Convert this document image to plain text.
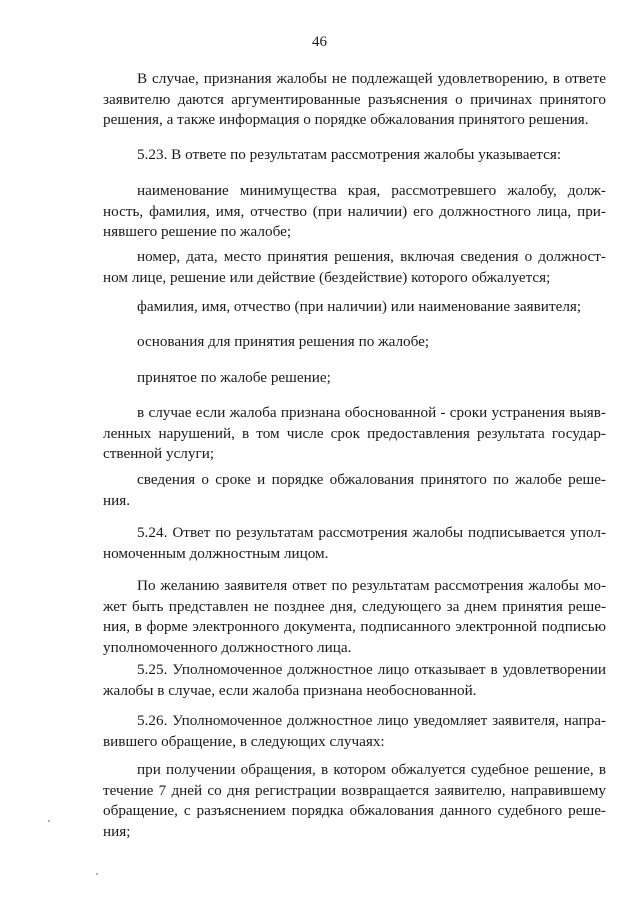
46

В случае, признания жалобы не подлежащей удовлетворению, в ответе заявителю даются аргументированные разъяснения о причинах принятого решения, а также информация о порядке обжалования принятого решения.

5.23. В ответе по результатам рассмотрения жалобы указывается:

наименование минимущества края, рассмотревшего жалобу, долж-ность, фамилия, имя, отчество (при наличии) его должностного лица, при-нявшего решение по жалобе;

номер, дата, место принятия решения, включая сведения о должност-ном лице, решение или действие (бездействие) которого обжалуется;

фамилия, имя, отчество (при наличии) или наименование заявителя;

основания для принятия решения по жалобе;

принятое по жалобе решение;

в случае если жалоба признана обоснованной - сроки устранения выяв-ленных нарушений, в том числе срок предоставления результата государ-ственной услуги;

сведения о сроке и порядке обжалования принятого по жалобе реше-ния.

5.24. Ответ по результатам рассмотрения жалобы подписывается упол-номоченным должностным лицом.

По желанию заявителя ответ по результатам рассмотрения жалобы мо-жет быть представлен не позднее дня, следующего за днем принятия реше-ния, в форме электронного документа, подписанного электронной подписью уполномоченного должностного лица.

5.25. Уполномоченное должностное лицо отказывает в удовлетворении жалобы в случае, если жалоба признана необоснованной.

5.26. Уполномоченное должностное лицо уведомляет заявителя, напра-вившего обращение, в следующих случаях:

при получении обращения, в котором обжалуется судебное решение, в течение 7 дней со дня регистрации возвращается заявителю, направившему обращение, с разъяснением порядка обжалования данного судебного реше-ния;
